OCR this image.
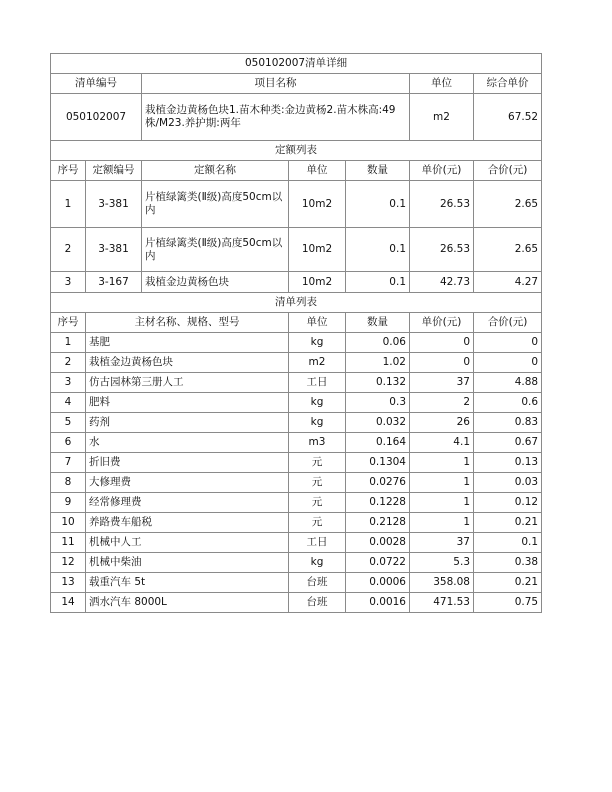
050102007清单详细						
清单编号		项目名称			单位	综合单价
050102007		栽植金边黄杨色块1.苗木种类:金边黄杨2.苗木株高:49株/M23.养护期:两年			m2	67.52
定额列表						
序号	定额编号	定额名称	单位	数量	单价(元)	合价(元)
1	3-381	片植绿篱类(Ⅱ级)高度50cm以内	10m2	0.1	26.53	2.65
2	3-381	片植绿篱类(Ⅱ级)高度50cm以内	10m2	0.1	26.53	2.65
3	3-167	栽植金边黄杨色块	10m2	0.1	42.73	4.27
清单列表						
序号	主材名称、规格、型号		单位	数量	单价(元)	合价(元)
1	基肥		kg	0.06	0	0
2	栽植金边黄杨色块		m2	1.02	0	0
3	仿古园林第三册人工		工日	0.132	37	4.88
4	肥料		kg	0.3	2	0.6
5	药剂		kg	0.032	26	0.83
6	水		m3	0.164	4.1	0.67
7	折旧费		元	0.1304	1	0.13
8	大修理费		元	0.0276	1	0.03
9	经常修理费		元	0.1228	1	0.12
10	养路费车船税		元	0.2128	1	0.21
11	机械中人工		工日	0.0028	37	0.1
12	机械中柴油		kg	0.0722	5.3	0.38
13	载重汽车 5t		台班	0.0006	358.08	0.21
14	洒水汽车 8000L		台班	0.0016	471.53	0.75
